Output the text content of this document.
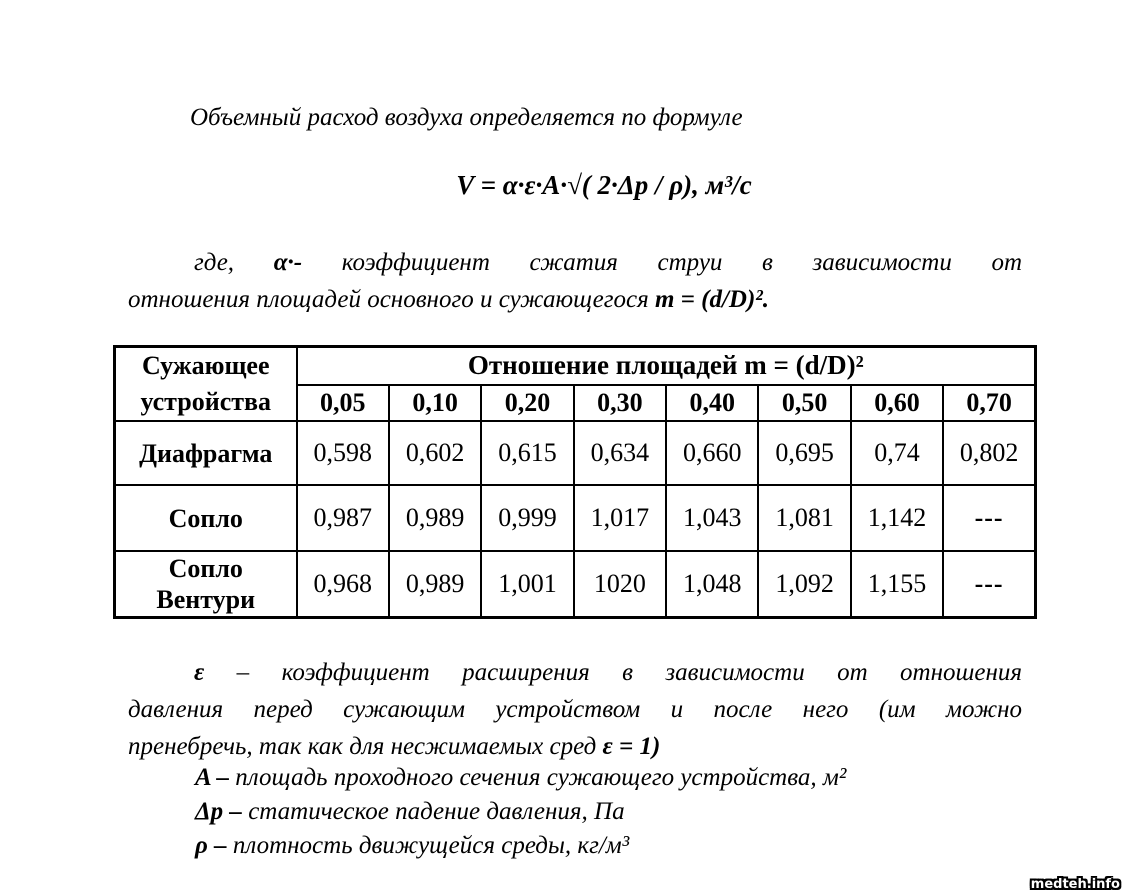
Объемный расход воздуха определяется по формуле

V = α·ε·A·√( 2·Δp / ρ), м³/с
где, α·- коэффициент сжатия струи в зависимости от
отношения площадей основного и сужающегося m = (d/D)².
Сужающее
устройства	Отношение площадей m = (d/D)²							
	0,05	0,10	0,20	0,30	0,40	0,50	0,60	0,70
Диафрагма	0,598	0,602	0,615	0,634	0,660	0,695	0,74	0,802
Сопло	0,987	0,989	0,999	1,017	1,043	1,081	1,142	---
Сопло Вентури	0,968	0,989	1,001	1020	1,048	1,092	1,155	---
ε – коэффициент расширения в зависимости от отношения
давления перед сужающим устройством и после него (им можно
пренебречь, так как для несжимаемых сред ε = 1)
A – площадь проходного сечения сужающего устройства, м²
Δp – статическое падение давления, Па
ρ – плотность движущейся среды, кг/м³
medteh.info
